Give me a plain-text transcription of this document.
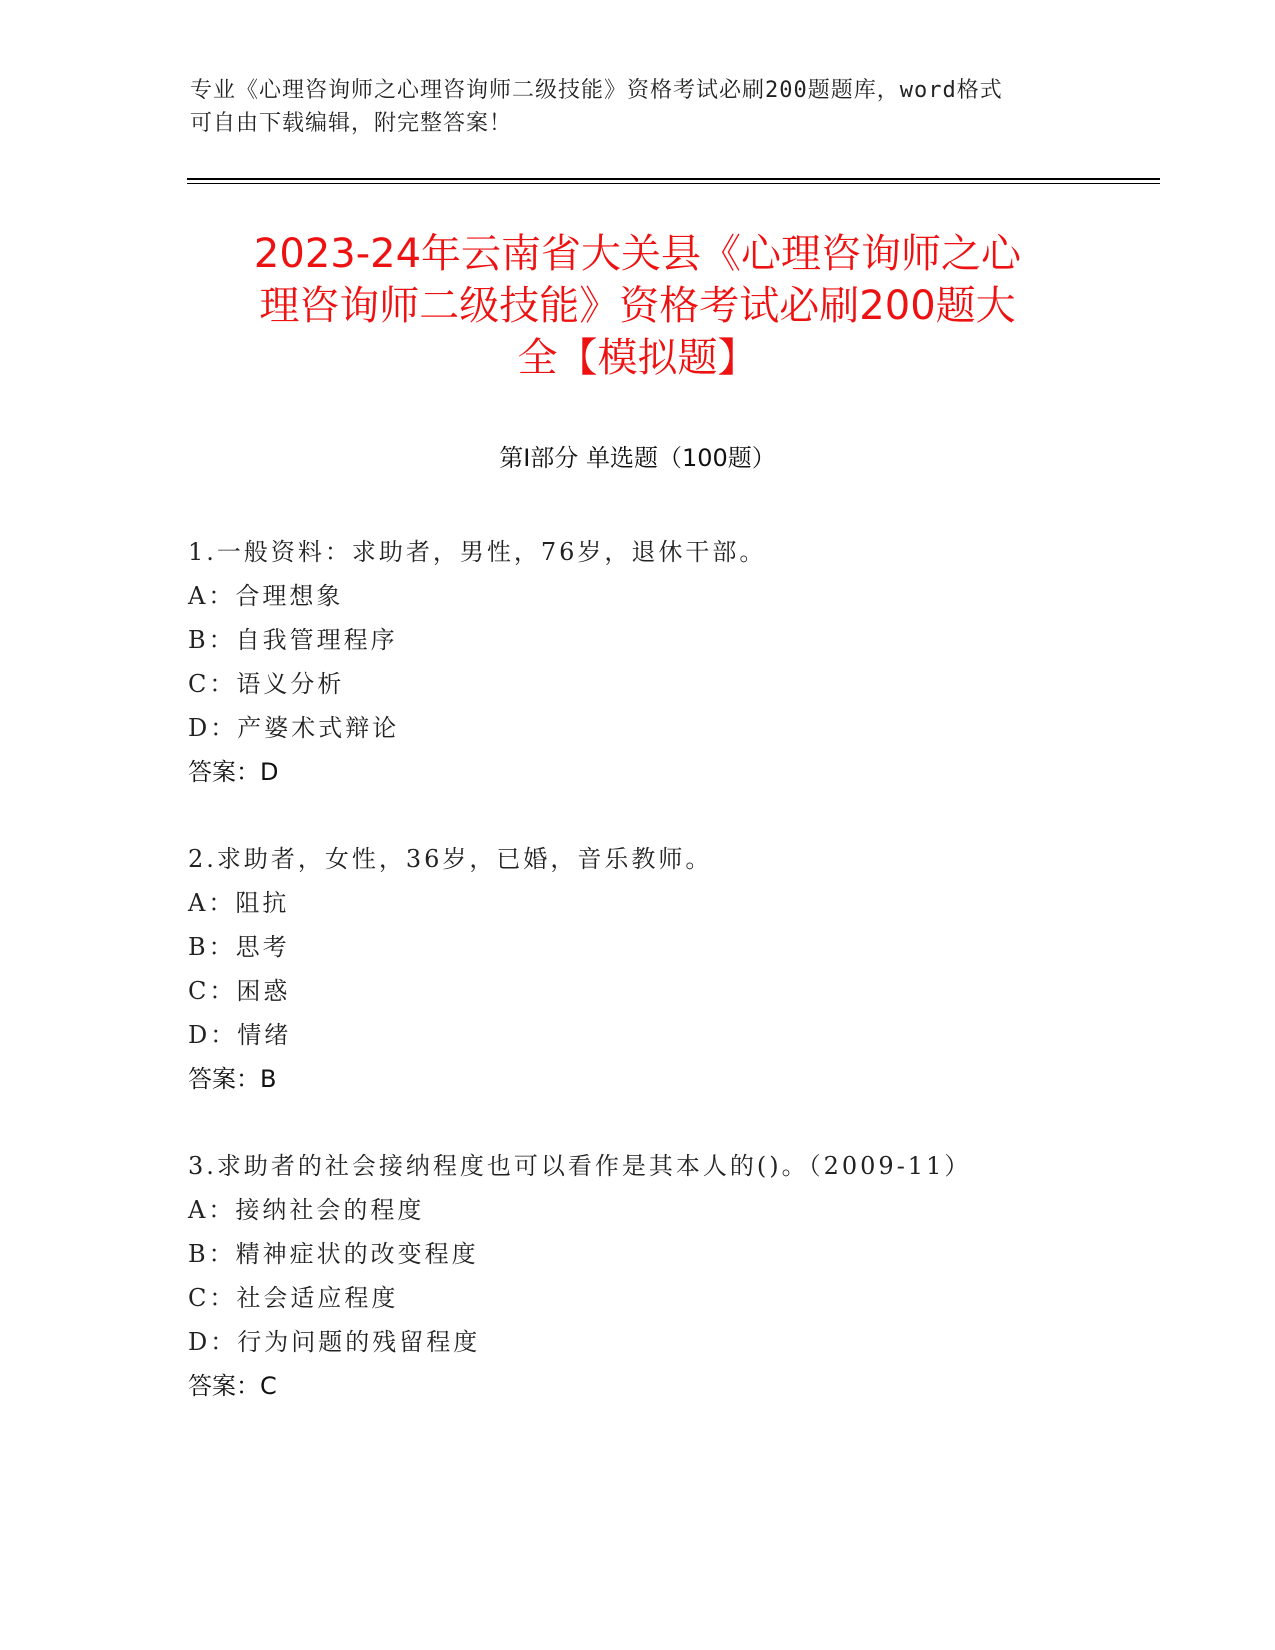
专业《心理咨询师之心理咨询师二级技能》资格考试必刷200题题库，word格式
可自由下载编辑，附完整答案！
2023-24年云南省大关县《心理咨询师之心
理咨询师二级技能》资格考试必刷200题大
全【模拟题】
第Ⅰ部分 单选题（100题）
1.一般资料：求助者，男性，76岁，退休干部。
A：合理想象
B：自我管理程序
C：语义分析
D：产婆术式辩论
答案：D
2.求助者，女性，36岁，已婚，音乐教师。
A：阻抗
B：思考
C：困惑
D：情绪
答案：B
3.求助者的社会接纳程度也可以看作是其本人的()。（2009-11）
A：接纳社会的程度
B：精神症状的改变程度
C：社会适应程度
D：行为问题的残留程度
答案：C
